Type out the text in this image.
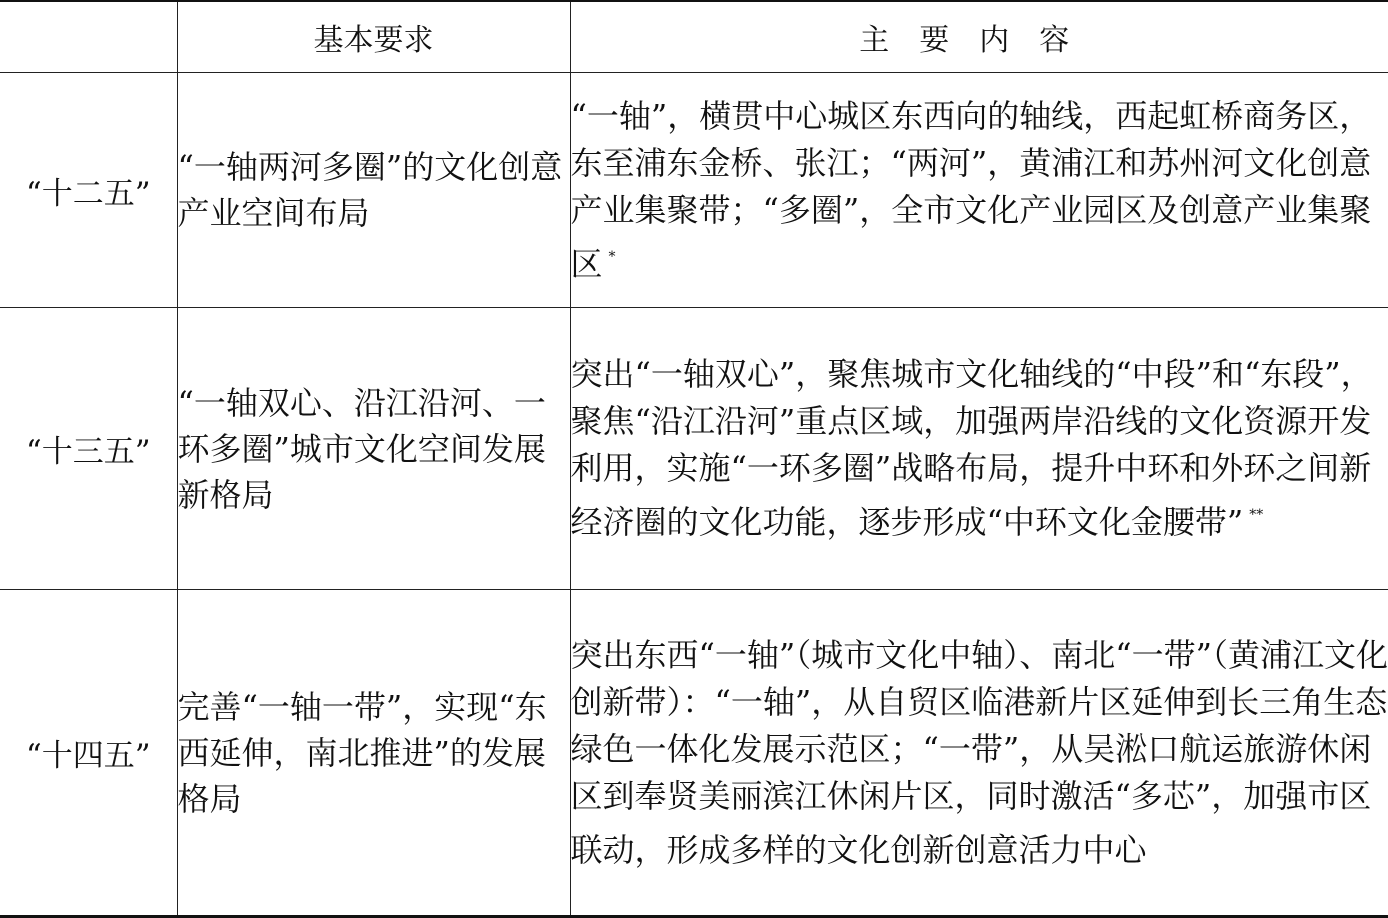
	基本要求	主要内容
“十二五”	“一轴两河多圈”的文化创意产业空间布局	“一轴”，横贯中心城区东西向的轴线，西起虹桥商务区，东至浦东金桥、张江；“两河”，黄浦江和苏州河文化创意产业集聚带；“多圈”，全市文化产业园区及创意产业集聚区 *
“十三五”	“一轴双心、沿江沿河、一环多圈”城市文化空间发展新格局	突出“一轴双心”，聚焦城市文化轴线的“中段”和“东段”，聚焦“沿江沿河”重点区域，加强两岸沿线的文化资源开发利用，实施“一环多圈”战略布局，提升中环和外环之间新经济圈的文化功能，逐步形成“中环文化金腰带” **
“十四五”	完善“一轴一带”，实现“东西延伸，南北推进”的发展格局	突出东西“一轴”（城市文化中轴）、南北“一带”（黄浦江文化创新带）：“一轴”，从自贸区临港新片区延伸到长三角生态绿色一体化发展示范区；“一带”，从吴淞口航运旅游休闲区到奉贤美丽滨江休闲片区，同时激活“多芯”，加强市区联动，形成多样的文化创新创意活力中心
